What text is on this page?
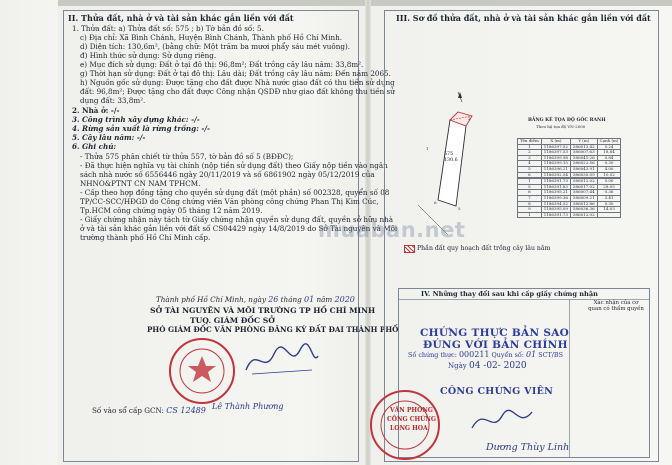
II. Thửa đất, nhà ở và tài sản khác gắn liền với đất
1. Thửa đất: a) Thửa đất số: 575 ; b) Tờ bản đồ số: 5.
c) Địa chỉ: Xã Bình Chánh, Huyện Bình Chánh, Thành phố Hồ Chí Minh.
d) Diện tích: 130,6m², (bằng chữ: Một trăm ba mươi phẩy sáu mét vuông).
đ) Hình thức sử dụng: Sử dụng riêng.
e) Mục đích sử dụng: Đất ở tại đô thị: 96,8m²; Đất trồng cây lâu năm: 33,8m².
g) Thời hạn sử dụng: Đất ở tại đô thị: Lâu dài; Đất trồng cây lâu năm: Đến năm 2065.
h) Nguồn gốc sử dụng: Được tặng cho đất được Nhà nước giao đất có thu tiền sử dụng
đất: 96,8m²; Được tặng cho đất được Công nhận QSDĐ như giao đất không thu tiền sử
dụng đất: 33,8m².
2. Nhà ở: -/-
3. Công trình xây dựng khác: -/-
4. Rừng sản xuất là rừng trồng: -/-
5. Cây lâu năm: -/-
6. Ghi chú:
- Thửa 575 phân chiết từ thửa 557, tờ bản đồ số 5 (BĐĐC);
- Đã thực hiện nghĩa vụ tài chính (nộp tiền sử dụng đất) theo Giấy nộp tiền vào ngân
sách nhà nước số 6556446 ngày 20/11/2019 và số 6861902 ngày 05/12/2019 của
NHNO&PTNT CN NAM TPHCM.
- Cấp theo hợp đồng tặng cho quyền sử dụng đất (một phần) số 002328, quyển số 08
TP/CC-SCC/HĐGD do Công chứng viên Văn phòng công chứng Phan Thị Kim Cúc,
Tp.HCM công chứng ngày 05 tháng 12 năm 2019.
- Giấy chứng nhận này tách từ Giấy chứng nhận quyền sử dụng đất, quyền sở hữu nhà
ở và tài sản khác gắn liền với đất số CS04429 ngày 14/8/2019 do Sở Tài nguyên và Môi
trường thành phố Hồ Chí Minh cấp.
Thành phố Hồ Chí Minh, ngày 26 tháng 01 năm 2020
SỞ TÀI NGUYÊN VÀ MÔI TRƯỜNG TP HỒ CHÍ MINH
TUQ. GIÁM ĐỐC SỞ
PHÓ GIÁM ĐỐC VĂN PHÒNG ĐĂNG KÝ ĐẤT ĐAI THÀNH PHỐ
Lê Thành Phương
Số vào sổ cấp GCN: CS 12489
III. Sơ đồ thửa đất, nhà ở và tài sản khác gắn liền với đất
1
2
5
6
575
130.6
BẢNG KÊ TỌA ĐỘ GÓC RANH
Theo hệ tọa độ VN-2000
Tên điểm	X (m)	Y (m)	Cạnh (m)
1	1186397.52	586013.42	5.24
2	1186397.53	586007.63	18.84
3	1186399.98	586041.26	0.84
4	1186399.15	586022.56	0.30
5	1186396.21	586043.91	4.00
6	1186392.54	586030.09	10.52

1	1186391.73	586012.02	5.00
5	1186391.83	586017.02	28.05
6	1186395.21	586007.44	0.36
7	1186399.36	586009.21	3.41
8	1186394.52	586012.86	0.30
9	1186395.09	586036.36	14.03
1	1186391.73	586012.02	
Phần đất quy hoạch đất trồng cây lâu năm
muaban.net
IV. Những thay đổi sau khi cấp giấy chứng nhận
Xác nhận của cơ quan có thẩm quyền
CHỨNG THỰC BẢN SAO
ĐÚNG VỚI BẢN CHÍNH
Số chứng thực: 000211 Quyển số: 01 SCT/BS
Ngày 04 -02- 2020
CÔNG CHỨNG VIÊN
VĂN PHÒNG
CÔNG CHỨNG
LONG HOA
Dương Thùy Linh
